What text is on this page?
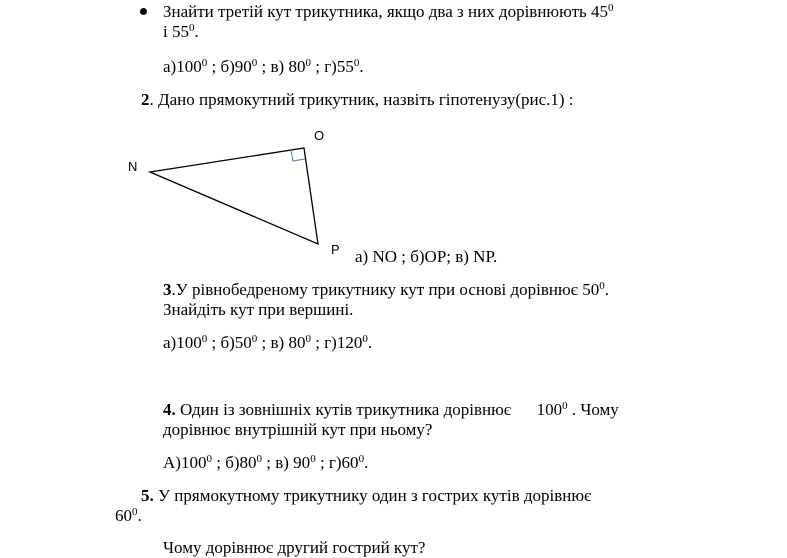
Знайти третій кут трикутника, якщо два з них дорівнюють $45^0$
і $55^0$.
$а)100^0$ ; $б)90^0$ ; в) $80^0$ ; $г)55^0$.
2. Дано прямокутний трикутник, назвіть гіпотенузу(рис.1) :
N
O
P а) NO ; б)OP; в) NP.
3.У рівнобедреному трикутнику кут при основі дорівнює $50^0$.
Знайдіть кут при вершині.
$а)100^0$ ; $б)50^0$ ; в) $80^0$ ; $г)120^0$.
4. Один із зовнішніх кутів трикутника дорівнює      $100^0$ . Чому
дорівнює внутрішній кут при ньому?
$А)100^0$ ; $б)80^0$ ; в) $90^0$ ; $г)60^0$.
5. У прямокутному трикутнику один з гострих кутів дорівнює
$60^0$.
Чому дорівнює другий гострий кут?
